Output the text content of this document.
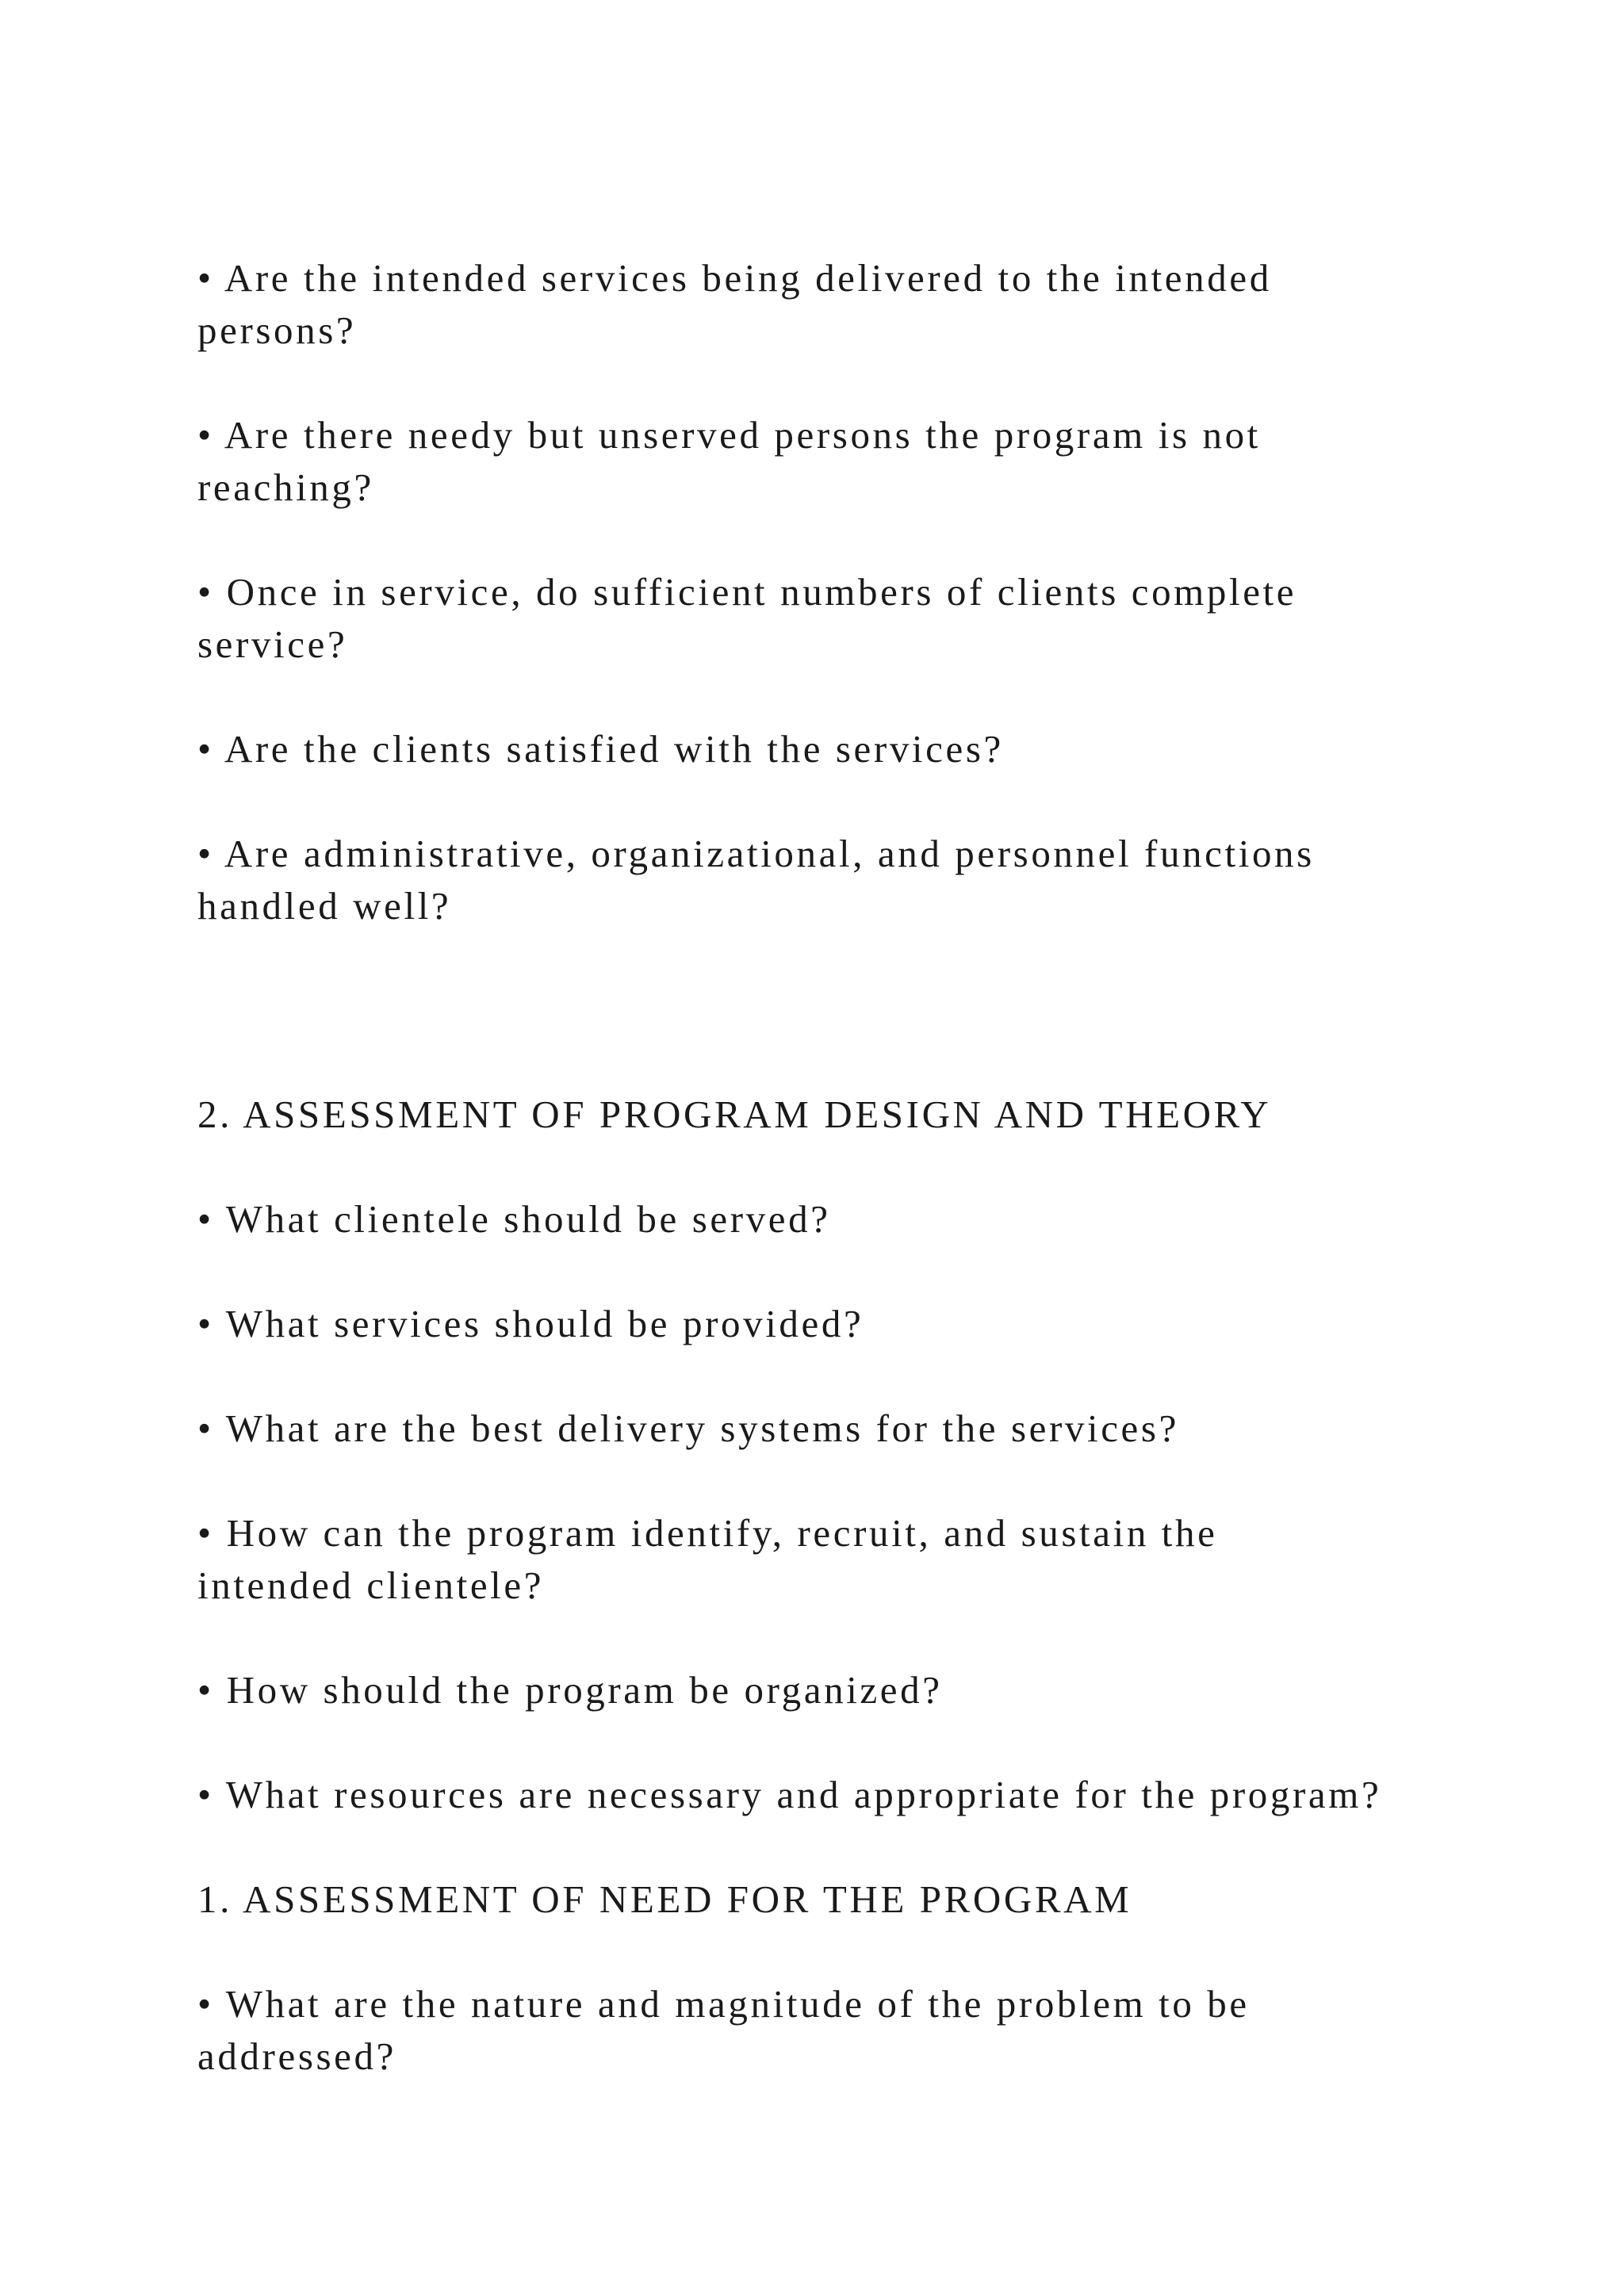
• Are the intended services being delivered to the intended
persons?

• Are there needy but unserved persons the program is not
reaching?

• Once in service, do sufficient numbers of clients complete
service?

• Are the clients satisfied with the services?

• Are administrative, organizational, and personnel functions
handled well?

2. ASSESSMENT OF PROGRAM DESIGN AND THEORY

• What clientele should be served?

• What services should be provided?

• What are the best delivery systems for the services?

• How can the program identify, recruit, and sustain the
intended clientele?

• How should the program be organized?

• What resources are necessary and appropriate for the program?

1. ASSESSMENT OF NEED FOR THE PROGRAM

• What are the nature and magnitude of the problem to be
addressed?
